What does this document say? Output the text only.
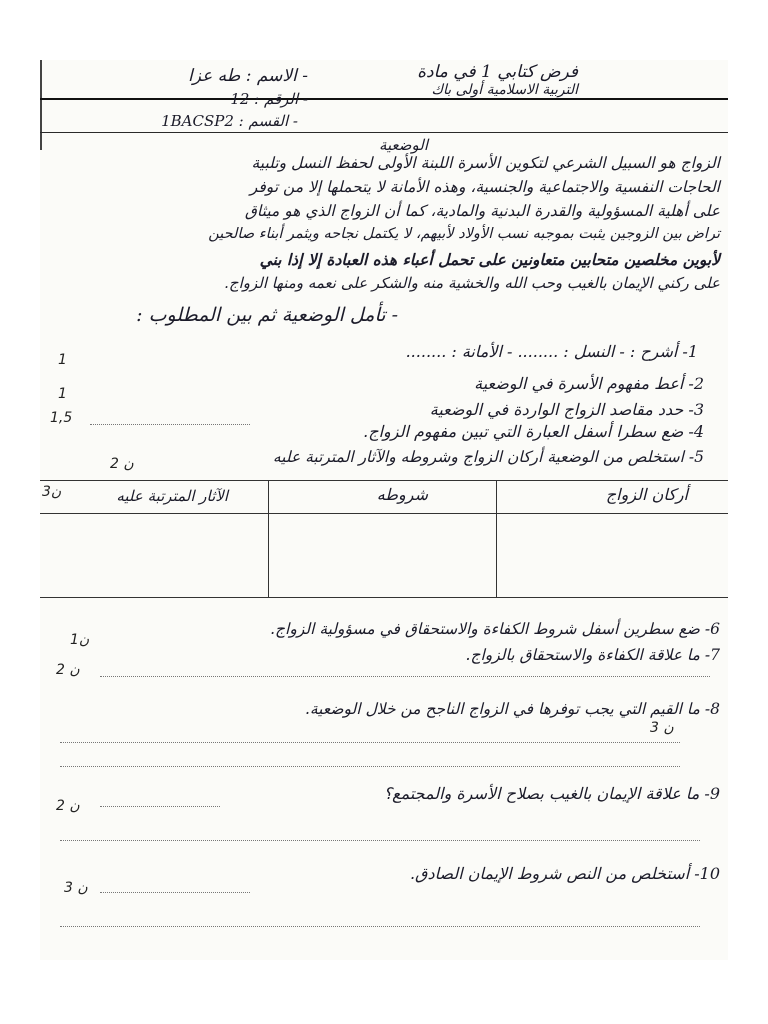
- الاسم : طه عزا	فرض كتابي 1 في مادة
التربية الاسلامية أولى باك
- الرقم : 12
- القسم : 1BACSP2
الوضعية
الزواج هو السبيل الشرعي لتكوين الأسرة اللبنة الأولى لحفظ النسل وتلبية
الحاجات النفسية والاجتماعية والجنسية، وهذه الأمانة لا يتحملها إلا من توفر
على أهلية المسؤولية والقدرة البدنية والمادية، كما أن الزواج الذي هو ميثاق
تراض بين الزوجين يثبت بموجبه نسب الأولاد لأبيهم، لا يكتمل نجاحه ويثمر أبناء صالحين
لأبوين مخلصين متحابين متعاونين على تحمل أعباء هذه العبادة إلا إذا بني
على ركني الإيمان بالغيب وحب الله والخشية منه والشكر على نعمه ومنها الزواج.
- تأمل الوضعية ثم بين المطلوب :
1- أشرح : - النسل : ........ - الأمانة : ........
1
2- أعط مفهوم الأسرة في الوضعية
1
3- حدد مقاصد الزواج الواردة في الوضعية
1,5
4- ضع سطرا أسفل العبارة التي تبين مفهوم الزواج.
5- استخلص من الوضعية أركان الزواج وشروطه والآثار المترتبة عليه
2 ن
3ن	أركان الزواج
شروطه
الآثار المترتبة عليه
6- ضع سطرين أسفل شروط الكفاءة والاستحقاق في مسؤولية الزواج.
1ن
7- ما علاقة الكفاءة والاستحقاق بالزواج.
2 ن
8- ما القيم التي يجب توفرها في الزواج الناجح من خلال الوضعية.
3 ن
9- ما علاقة الإيمان بالغيب بصلاح الأسرة والمجتمع؟
2 ن
10- أستخلص من النص شروط الإيمان الصادق.
3 ن
